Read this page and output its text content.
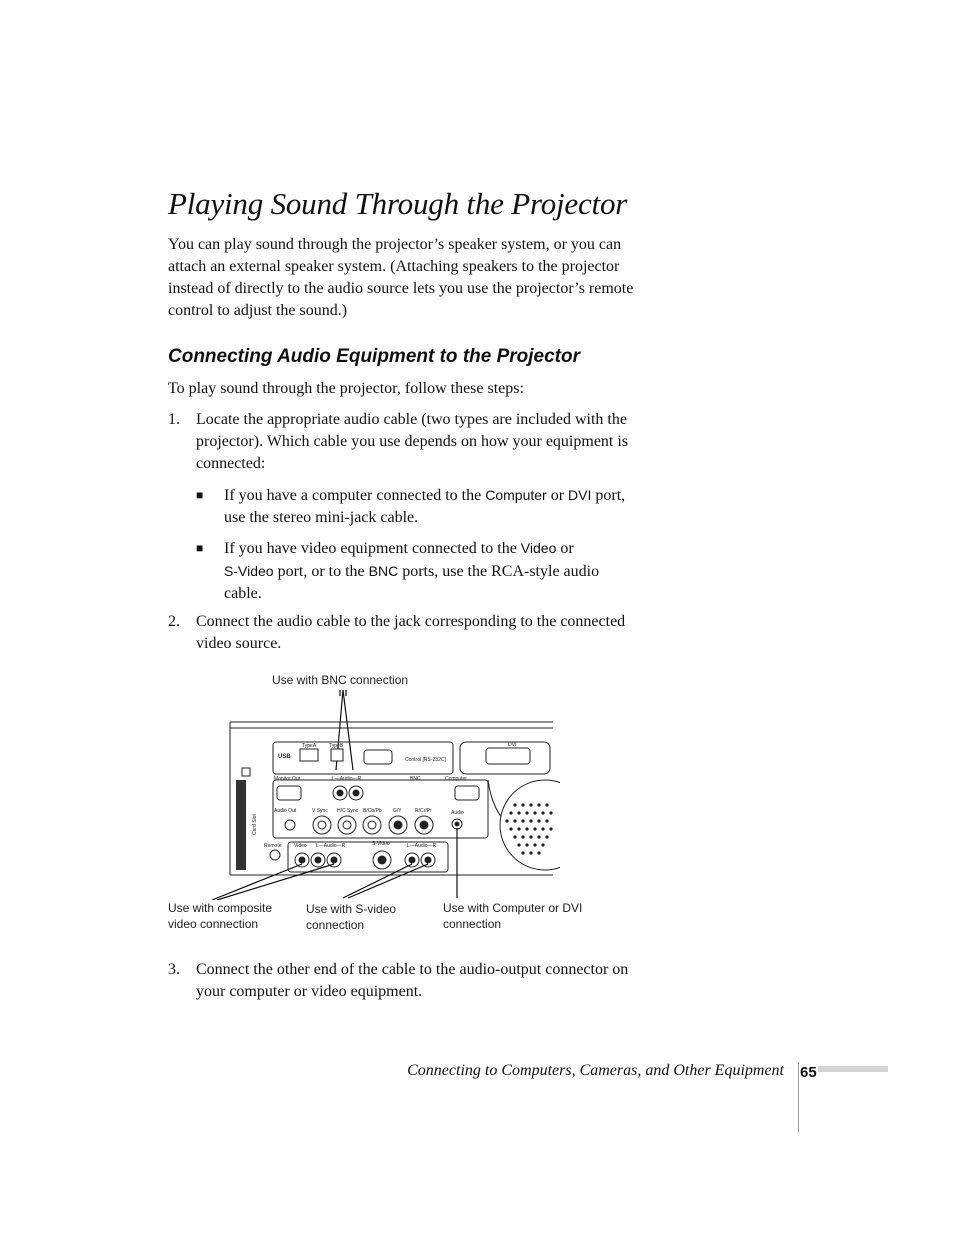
Playing Sound Through the Projector

You can play sound through the projector’s speaker system, or you can attach an external speaker system. (Attaching speakers to the projector instead of directly to the audio source lets you use the projector’s remote control to adjust the sound.)

Connecting Audio Equipment to the Projector

To play sound through the projector, follow these steps:

1. Locate the appropriate audio cable (two types are included with the projector). Which cable you use depends on how your equipment is connected:
■ If you have a computer connected to the Computer or DVI port, use the stereo mini-jack cable.
■ If you have video equipment connected to the Video or
S-Video port, or to the BNC ports, use the RCA-style audio cable.
2. Connect the audio cable to the jack corresponding to the connected video source.
Use with BNC connection
Use with composite
video connection
Use with S-video
connection
Use with Computer or DVI
connection
USB
TypeA	TypeB
Control [RS-232C]
DVI
Monitor Out	L—Audio—R	BNC	Computer
Audio Out	V Sync H/C Sync B/Cb/Pb G/Y	R/Cr/Pr	Audio
Remote Video L—Audio—R	S-Video	L—Audio—R
Card Slot
3. Connect the other end of the cable to the audio-output connector on your computer or video equipment.
Connecting to Computers, Cameras, and Other Equipment 65
